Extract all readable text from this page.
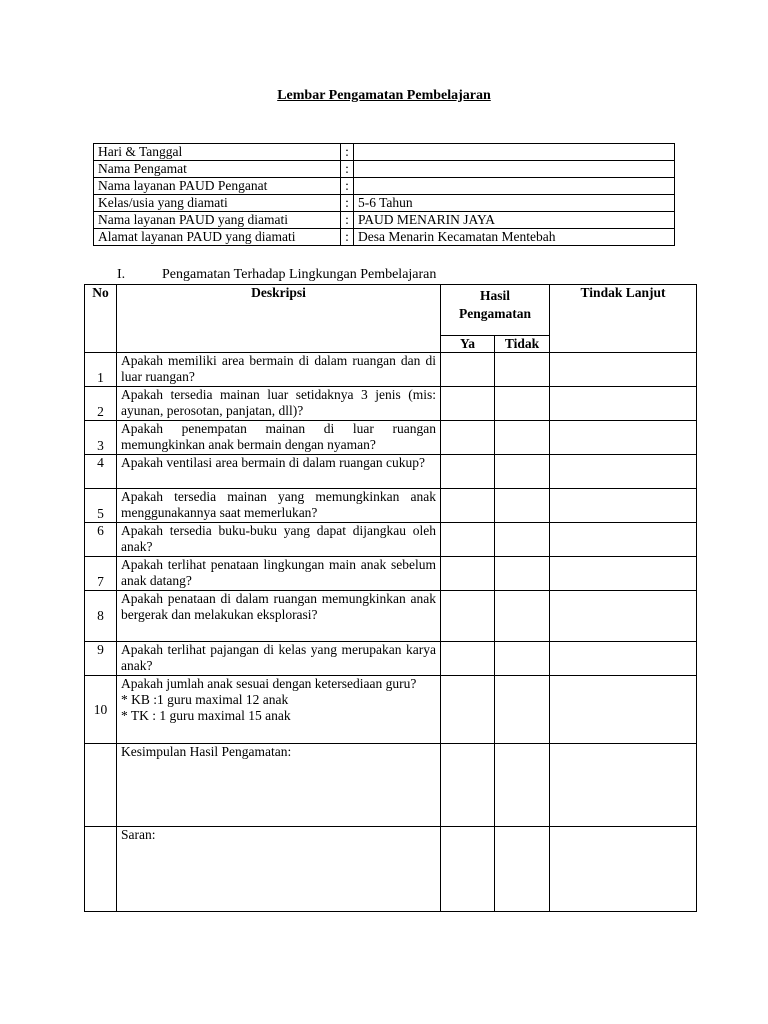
Lembar Pengamatan Pembelajaran
Hari & Tanggal	:	
Nama Pengamat	:	
Nama layanan PAUD Penganat	:	
Kelas/usia yang diamati	:	5-6 Tahun
Nama layanan PAUD yang diamati	:	PAUD MENARIN JAYA
Alamat layanan PAUD yang diamati	:	Desa Menarin Kecamatan Mentebah
I.	Pengamatan Terhadap Lingkungan Pembelajaran
No	Deskripsi	Hasil Pengamatan		Tindak Lanjut
		Ya	Tidak	
1	Apakah memiliki area bermain di dalam ruangan dan di luar ruangan?			
2	Apakah tersedia mainan luar setidaknya 3 jenis (mis: ayunan, perosotan, panjatan, dll)?			
3	Apakah penempatan mainan di luar ruangan memungkinkan anak bermain dengan nyaman?			
4	Apakah ventilasi area bermain di dalam ruangan cukup?			
5	Apakah tersedia mainan yang memungkinkan anak menggunakannya saat memerlukan?			
6	Apakah tersedia buku-buku yang dapat dijangkau oleh anak?			
7	Apakah terlihat penataan lingkungan main anak sebelum anak datang?			
8	Apakah penataan di dalam ruangan memungkinkan anak bergerak dan melakukan eksplorasi?			
9	Apakah terlihat pajangan di kelas yang merupakan karya anak?			
10	Apakah jumlah anak sesuai dengan ketersediaan guru?
* KB :1 guru maximal 12 anak
* TK : 1 guru maximal 15 anak			

	Kesimpulan Hasil Pengamatan:			
	Saran:			
